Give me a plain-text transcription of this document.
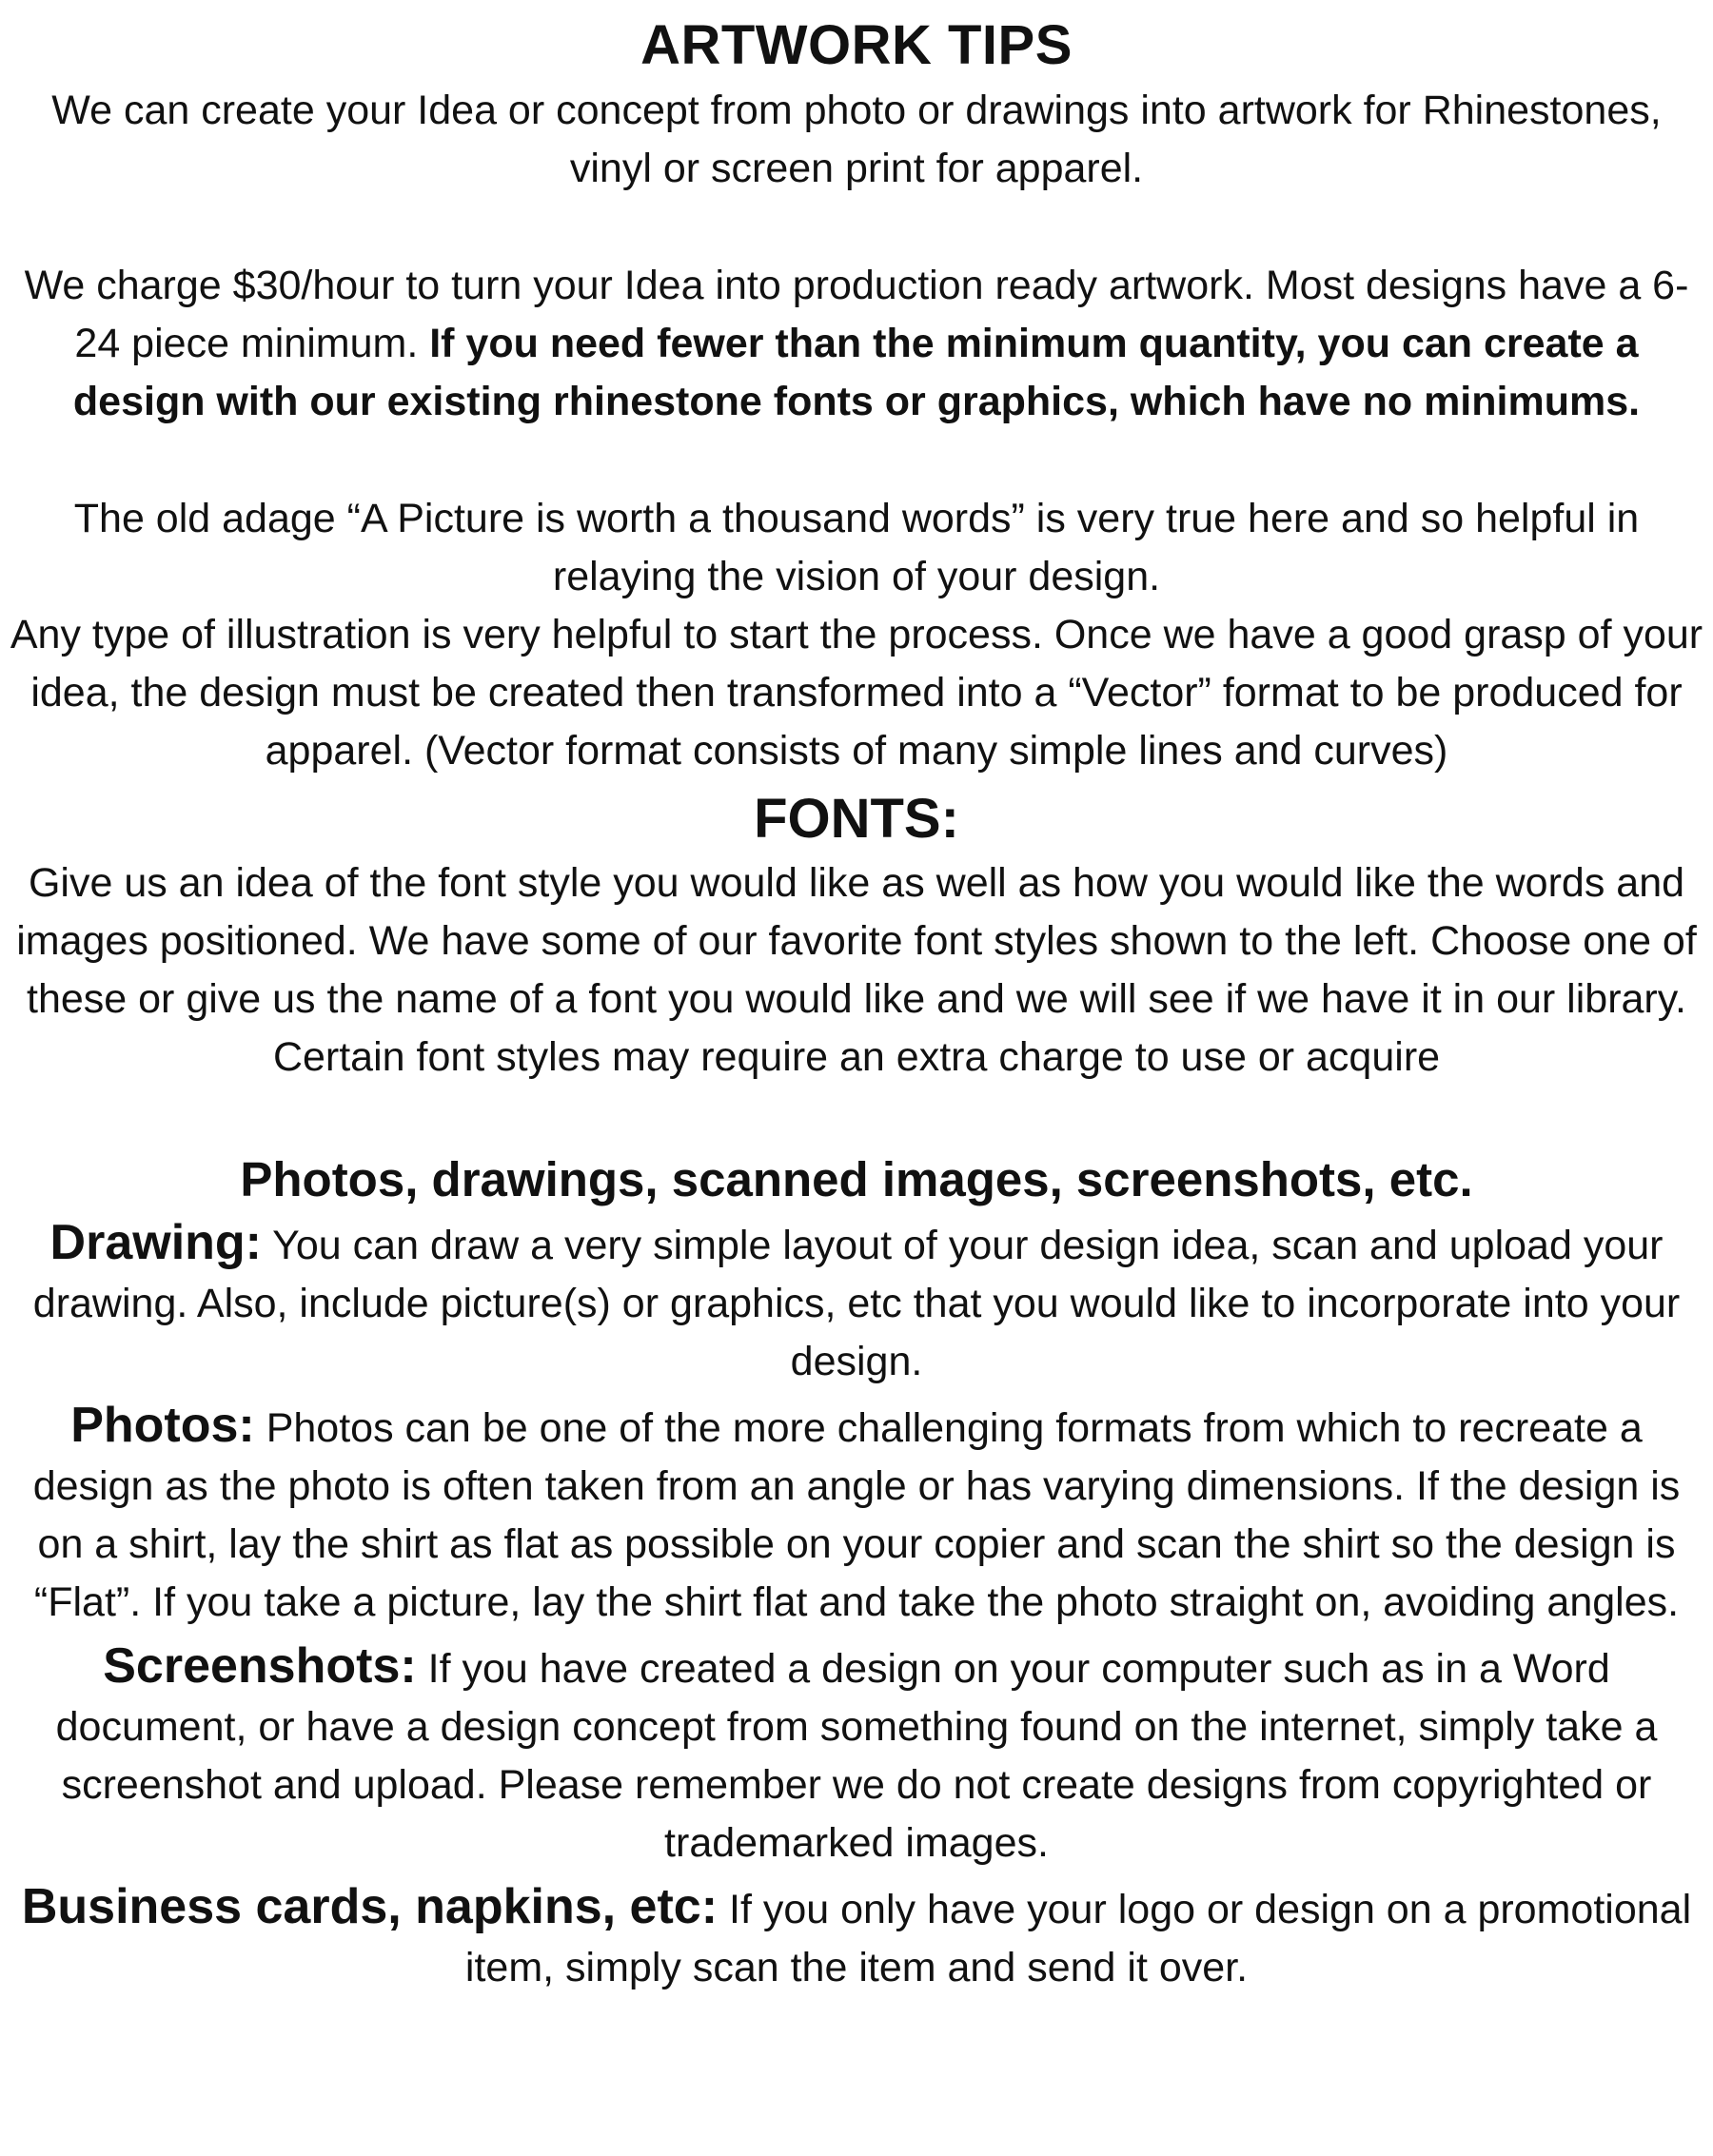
ARTWORK TIPS

We can create your Idea or concept from photo or drawings into artwork for Rhinestones, vinyl or screen print for apparel.

We charge $30/hour to turn your Idea into production ready artwork. Most designs have a 6-24 piece minimum. If you need fewer than the minimum quantity, you can create a design with our existing rhinestone fonts or graphics, which have no minimums.

The old adage “A Picture is worth a thousand words” is very true here and so helpful in relaying the vision of your design.

Any type of illustration is very helpful to start the process. Once we have a good grasp of your idea, the design must be created then transformed into a “Vector” format to be produced for apparel. (Vector format consists of many simple lines and curves)

FONTS:

Give us an idea of the font style you would like as well as how you would like the words and images positioned. We have some of our favorite font styles shown to the left. Choose one of these or give us the name of a font you would like and we will see if we have it in our library. Certain font styles may require an extra charge to use or acquire

Photos, drawings, scanned images, screenshots, etc.

Drawing: You can draw a very simple layout of your design idea, scan and upload your drawing. Also, include picture(s) or graphics, etc that you would like to incorporate into your design.

Photos: Photos can be one of the more challenging formats from which to recreate a design as the photo is often taken from an angle or has varying dimensions. If the design is on a shirt, lay the shirt as flat as possible on your copier and scan the shirt so the design is “Flat”. If you take a picture, lay the shirt flat and take the photo straight on, avoiding angles.

Screenshots: If you have created a design on your computer such as in a Word document, or have a design concept from something found on the internet, simply take a screenshot and upload. Please remember we do not create designs from copyrighted or trademarked images.

Business cards, napkins, etc: If you only have your logo or design on a promotional item, simply scan the item and send it over.
